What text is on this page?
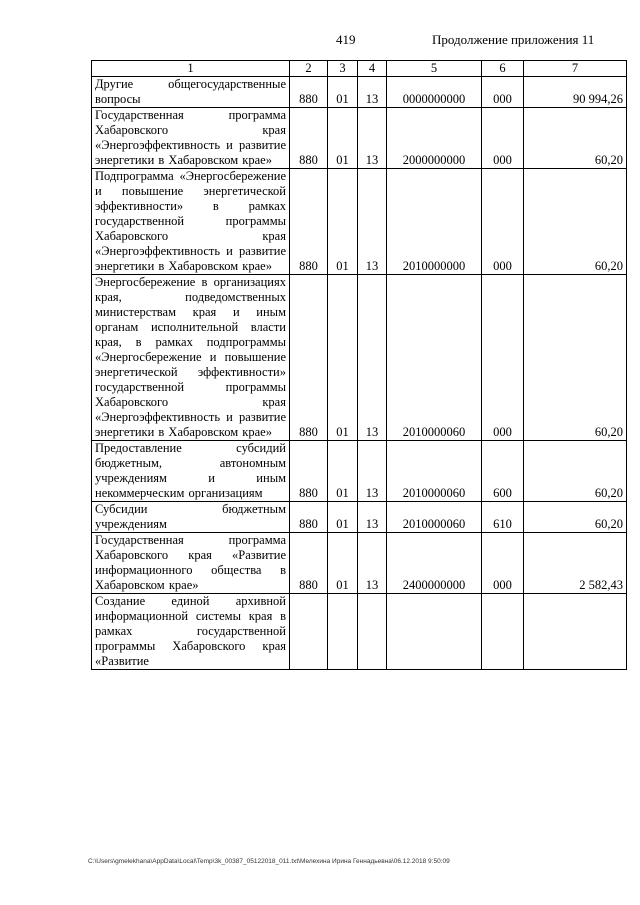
419	Продолжение приложения 11
1	2	3	4	5	6	7
Другие общегосударственные вопросы	880	01	13	0000000000	000	90 994,26
Государственная программа Хабаровского края «Энергоэффективность и развитие энергетики в Хабаровском крае»	880	01	13	2000000000	000	60,20
Подпрограмма «Энергосбережение и повышение энергетической эффективности» в рамках государственной программы Хабаровского края «Энергоэффективность и развитие энергетики в Хабаровском крае»	880	01	13	2010000000	000	60,20
Энергосбережение в организациях края, подведомственных министерствам края и иным органам исполнительной власти края, в рамках подпрограммы «Энергосбережение и повышение энергетической эффективности» государственной программы Хабаровского края «Энергоэффективность и развитие энергетики в Хабаровском крае»	880	01	13	2010000060	000	60,20
Предоставление субсидий бюджетным, автономным учреждениям и иным некоммерческим организациям	880	01	13	2010000060	600	60,20
Субсидии бюджетным учреждениям	880	01	13	2010000060	610	60,20
Государственная программа Хабаровского края «Развитие информационного общества в Хабаровском крае»	880	01	13	2400000000	000	2 582,43
Создание единой архивной информационной системы края в рамках государственной программы Хабаровского края «Развитие						
C:\Users\gmelekhana\AppData\Local\Temp\3k_00387_05122018_011.txt\Мелехина Ирина Геннадьевна\06.12.2018 9:50:09
